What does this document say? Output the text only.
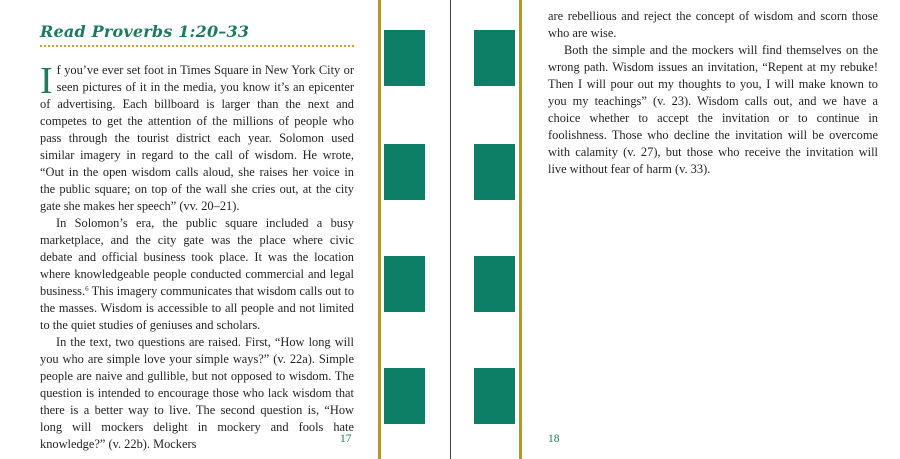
Read Proverbs 1:20–33

If you’ve ever set foot in Times Square in New York City or seen pictures of it in the media, you know it’s an epicenter of advertising. Each billboard is larger than the next and competes to get the attention of the millions of people who pass through the tourist district each year. Solomon used similar imagery in regard to the call of wisdom. He wrote, “Out in the open wisdom calls aloud, she raises her voice in the public square; on top of the wall she cries out, at the city gate she makes her speech” (vv. 20–21).

In Solomon’s era, the public square included a busy marketplace, and the city gate was the place where civic debate and official business took place. It was the location where knowledgeable people conducted commercial and legal business.$^6$ This imagery communicates that wisdom calls out to the masses. Wisdom is accessible to all people and not limited to the quiet studies of geniuses and scholars.

In the text, two questions are raised. First, “How long will you who are simple love your simple ways?” (v. 22a). Simple people are naive and gullible, but not opposed to wisdom. The question is intended to encourage those who lack wisdom that there is a better way to live. The second question is, “How long will mockers delight in mockery and fools hate knowledge?” (v. 22b). Mockers	17

are rebellious and reject the concept of wisdom and scorn those who are wise.

Both the simple and the mockers will find themselves on the wrong path. Wisdom issues an invitation, “Repent at my rebuke! Then I will pour out my thoughts to you, I will make known to you my teachings” (v. 23). Wisdom calls out, and we have a choice whether to accept the invitation or to continue in foolishness. Those who decline the invitation will be overcome with calamity (v. 27), but those who receive the invitation will live without fear of harm (v. 33).

18
